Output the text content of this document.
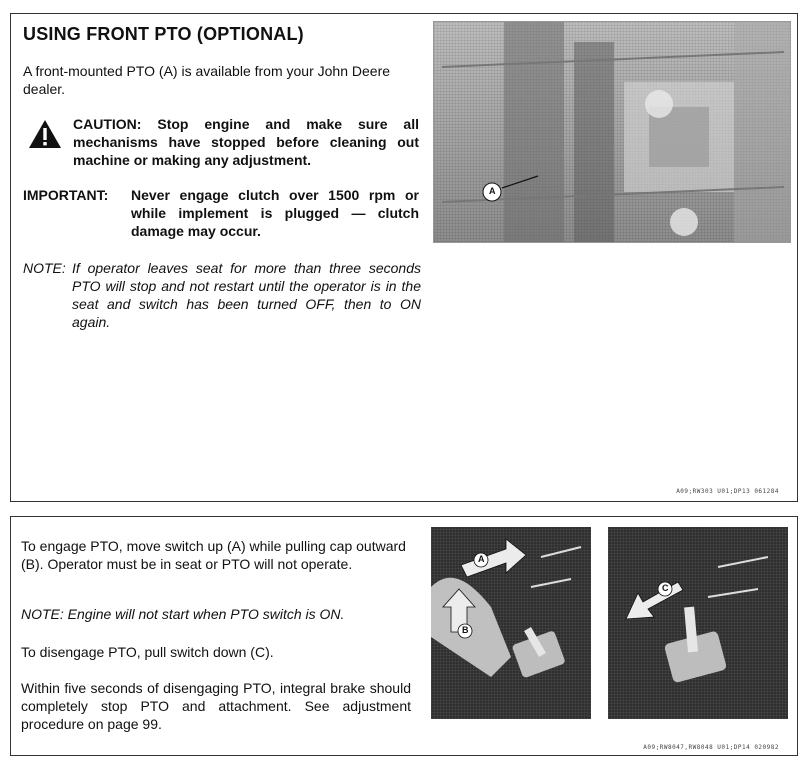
USING FRONT PTO (OPTIONAL)
A front-mounted PTO (A) is available from your John Deere dealer.
CAUTION: Stop engine and make sure all mechanisms have stopped before cleaning out machine or making any adjustment.
IMPORTANT:	Never engage clutch over 1500 rpm or while implement is plugged — clutch damage may occur.
NOTE: If operator leaves seat for more than three seconds PTO will stop and not restart until the operator is in the seat and switch has been turned OFF, then to ON again.
A
A09;RW303 U01;DP13 061284
To engage PTO, move switch up (A) while pulling cap outward (B). Operator must be in seat or PTO will not operate.
NOTE: Engine will not start when PTO switch is ON.
To disengage PTO, pull switch down (C).
Within five seconds of disengaging PTO, integral brake should completely stop PTO and attachment. See adjustment procedure on page 99.
A
B
C
A09;RW8047,RW8048 U01;DP14 020982
